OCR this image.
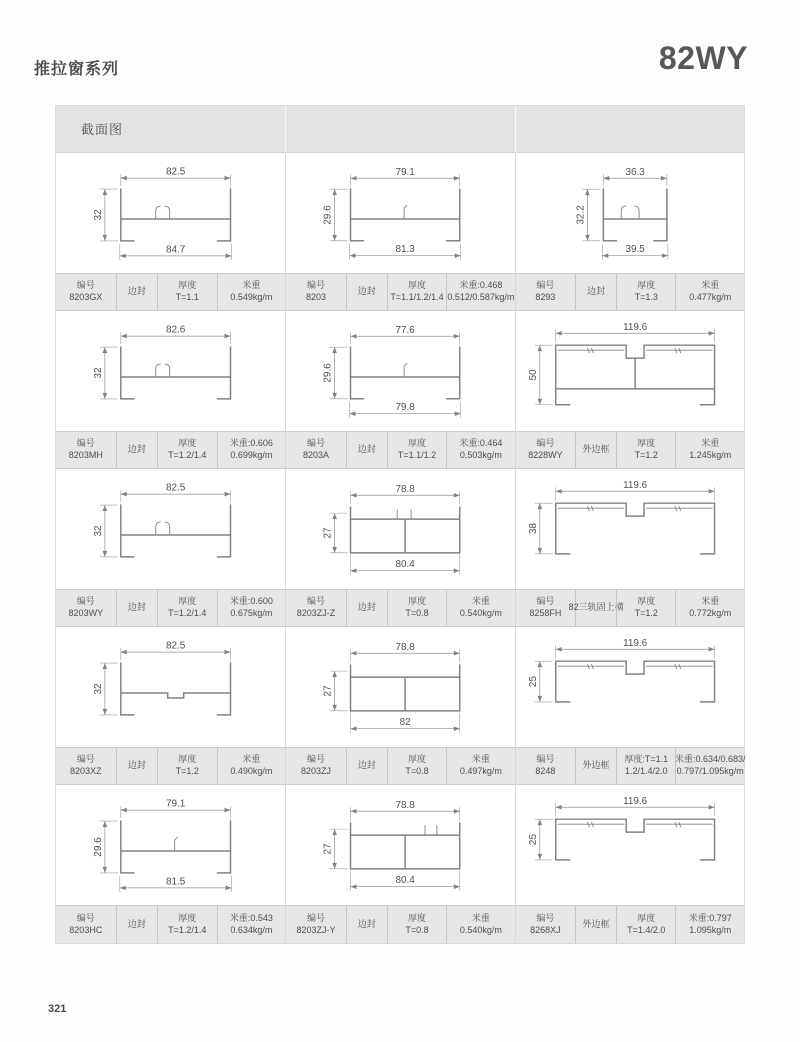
推拉窗系列	82WY
截面图
82.5
32
84.7
编号
8203GX
边封
厚度
T=1.1
米重
0.549kg/m
79.1
29.6
81.3
编号
8203
边封
厚度
T=1.1/1.2/1.4
米重:0.468
0.512/0.587kg/m
36.3
32.2
39.5
编号
8293
边封
厚度
T=1.3
米重
0.477kg/m
82.6
32
编号
8203MH
边封
厚度
T=1.2/1.4
米重:0.606
0.699kg/m
77.6
29.6
79.8
编号
8203A
边封
厚度
T=1.1/1.2
米重:0.464
0.503kg/m
119.6
50
编号
8228WY
外边框
厚度
T=1.2
米重
1.245kg/m
82.5
32
编号
8203WY
边封
厚度
T=1.2/1.4
米重:0.600
0.675kg/m
78.8
27
80.4
编号
8203ZJ-Z
边封
厚度
T=0.8
米重
0.540kg/m
119.6
38
编号
8258FH
82三轨固上横
厚度
T=1.2
米重
0.772kg/m
82.5
32
编号
8203XZ
边封
厚度
T=1.2
米重
0.490kg/m
78.8
27
82
编号
8203ZJ
边封
厚度
T=0.8
米重
0.497kg/m
119.6
25
编号
8248
外边框
厚度:T=1.1
1.2/1.4/2.0
米重:0.634/0.683/
0.797/1.095kg/m
79.1
29.6
81.5
编号
8203HC
边封
厚度
T=1.2/1.4
米重:0.543
0.634kg/m
78.8
27
80.4
编号
8203ZJ-Y
边封
厚度
T=0.8
米重
0.540kg/m
119.6
25
编号
8268XJ
外边框
厚度
T=1.4/2.0
米重:0.797
1.095kg/m
321
